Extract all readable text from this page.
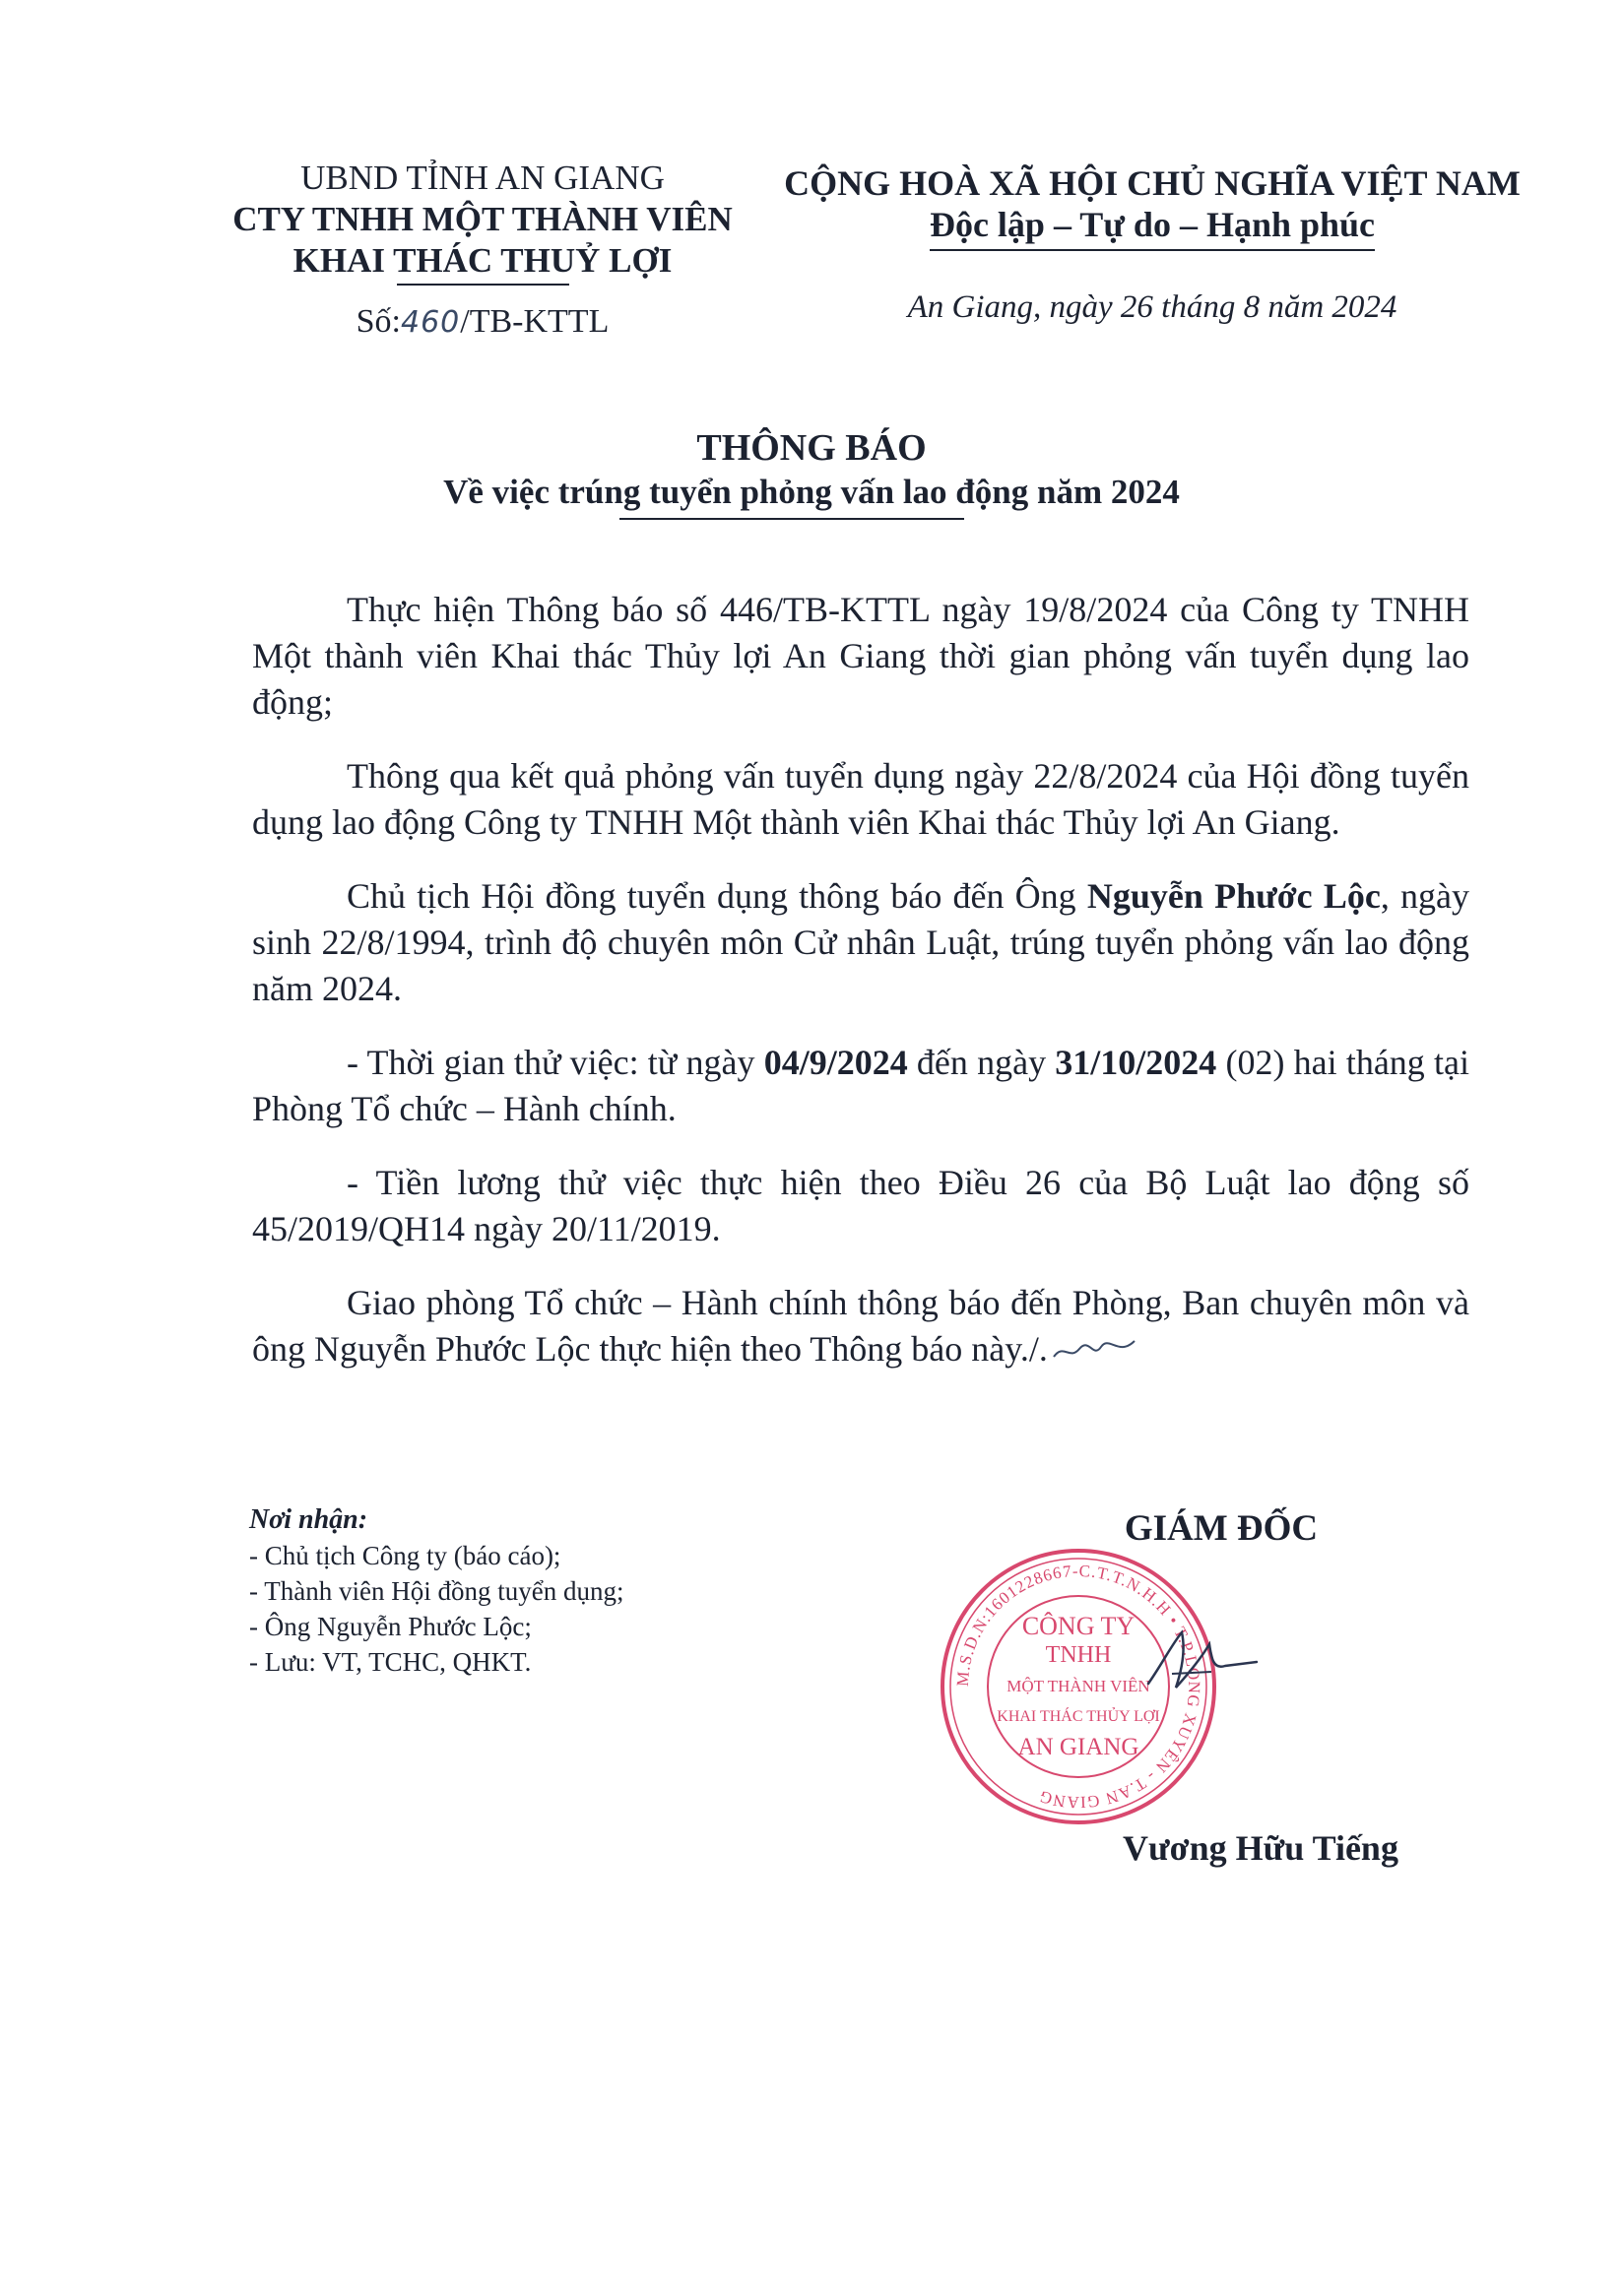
UBND TỈNH AN GIANG
CTY TNHH MỘT THÀNH VIÊN
KHAI THÁC THUỶ LỢI
Số:460/TB-KTTL
CỘNG HOÀ XÃ HỘI CHỦ NGHĨA VIỆT NAM
Độc lập – Tự do – Hạnh phúc
An Giang, ngày 26 tháng 8 năm 2024
THÔNG BÁO
Về việc trúng tuyển phỏng vấn lao động năm 2024

Thực hiện Thông báo số 446/TB-KTTL ngày 19/8/2024 của Công ty TNHH Một thành viên Khai thác Thủy lợi An Giang thời gian phỏng vấn tuyển dụng lao động;

Thông qua kết quả phỏng vấn tuyển dụng ngày 22/8/2024 của Hội đồng tuyển dụng lao động Công ty TNHH Một thành viên Khai thác Thủy lợi An Giang.

Chủ tịch Hội đồng tuyển dụng thông báo đến Ông Nguyễn Phước Lộc, ngày sinh 22/8/1994, trình độ chuyên môn Cử nhân Luật, trúng tuyển phỏng vấn lao động năm 2024.

- Thời gian thử việc: từ ngày 04/9/2024 đến ngày 31/10/2024 (02) hai tháng tại Phòng Tổ chức – Hành chính.

- Tiền lương thử việc thực hiện theo Điều 26 của Bộ Luật lao động số 45/2019/QH14 ngày 20/11/2019.

Giao phòng Tổ chức – Hành chính thông báo đến Phòng, Ban chuyên môn và ông Nguyễn Phước Lộc thực hiện theo Thông báo này./.

Nơi nhận:
- Chủ tịch Công ty (báo cáo);
- Thành viên Hội đồng tuyển dụng;
- Ông Nguyễn Phước Lộc;
- Lưu: VT, TCHC, QHKT.
GIÁM ĐỐC
M.S.D.N:1601228667-C.T.T.N.H.H • T.P.LONG XUYÊN - T.AN GIANG
CÔNG TY
TNHH
MỘT THÀNH VIÊN
KHAI THÁC THỦY LỢI
AN GIANG
Vương Hữu Tiếng
